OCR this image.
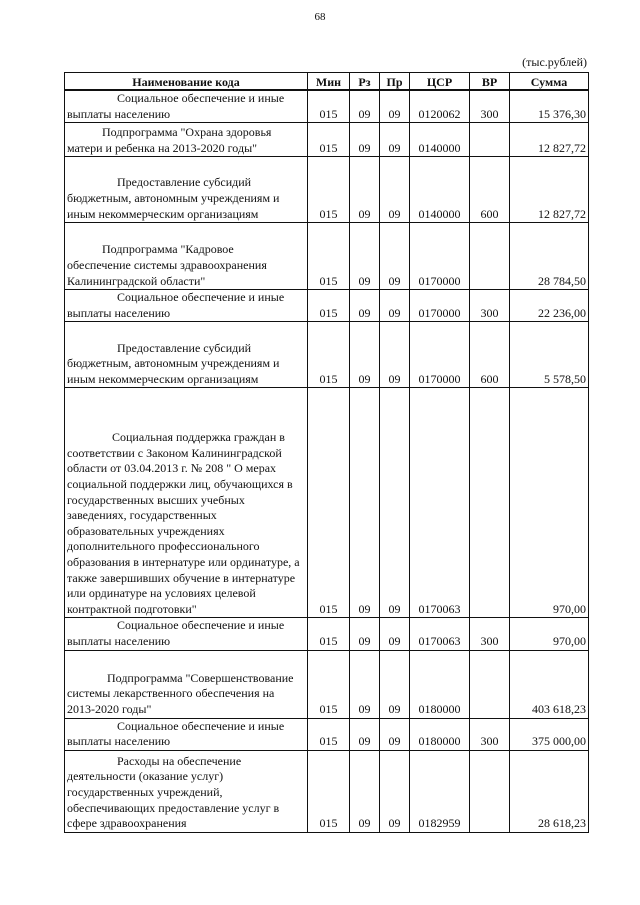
68
(тыс.рублей)
Наименование кода	Мин	Рз	Пр	ЦСР	ВР	Сумма

Социальное обеспечение и иные
выплаты населению	015	09	09	0120062	300	15 376,30

Подпрограмма "Охрана здоровья
матери и ребенка на 2013-2020 годы"	015	09	09	0140000		12 827,72

Предоставление субсидий
бюджетным, автономным учреждениям и иным некоммерческим организациям	015	09	09	0140000	600	12 827,72

Подпрограмма "Кадровое
обеспечение системы здравоохранения Калининградской области"	015	09	09	0170000		28 784,50

Социальное обеспечение и иные
выплаты населению	015	09	09	0170000	300	22 236,00

Предоставление субсидий
бюджетным, автономным учреждениям и иным некоммерческим организациям	015	09	09	0170000	600	5 578,50

Социальная поддержка граждан в
соответствии с Законом Калининградской области от 03.04.2013 г. № 208 " О мерах социальной поддержки лиц, обучающихся в государственных высших учебных заведениях, государственных образовательных учреждениях дополнительного профессионального образования в интернатуре или ординатуре, а также завершивших обучение в интернатуре или ординатуре на условиях целевой контрактной подготовки"	015	09	09	0170063		970,00

Социальное обеспечение и иные
выплаты населению	015	09	09	0170063	300	970,00

Подпрограмма "Совершенствование
системы лекарственного обеспечения на 2013-2020 годы"	015	09	09	0180000		403 618,23

Социальное обеспечение и иные
выплаты населению	015	09	09	0180000	300	375 000,00

Расходы на обеспечение
деятельности (оказание услуг) государственных учреждений, обеспечивающих предоставление услуг в сфере здравоохранения	015	09	09	0182959		28 618,23
